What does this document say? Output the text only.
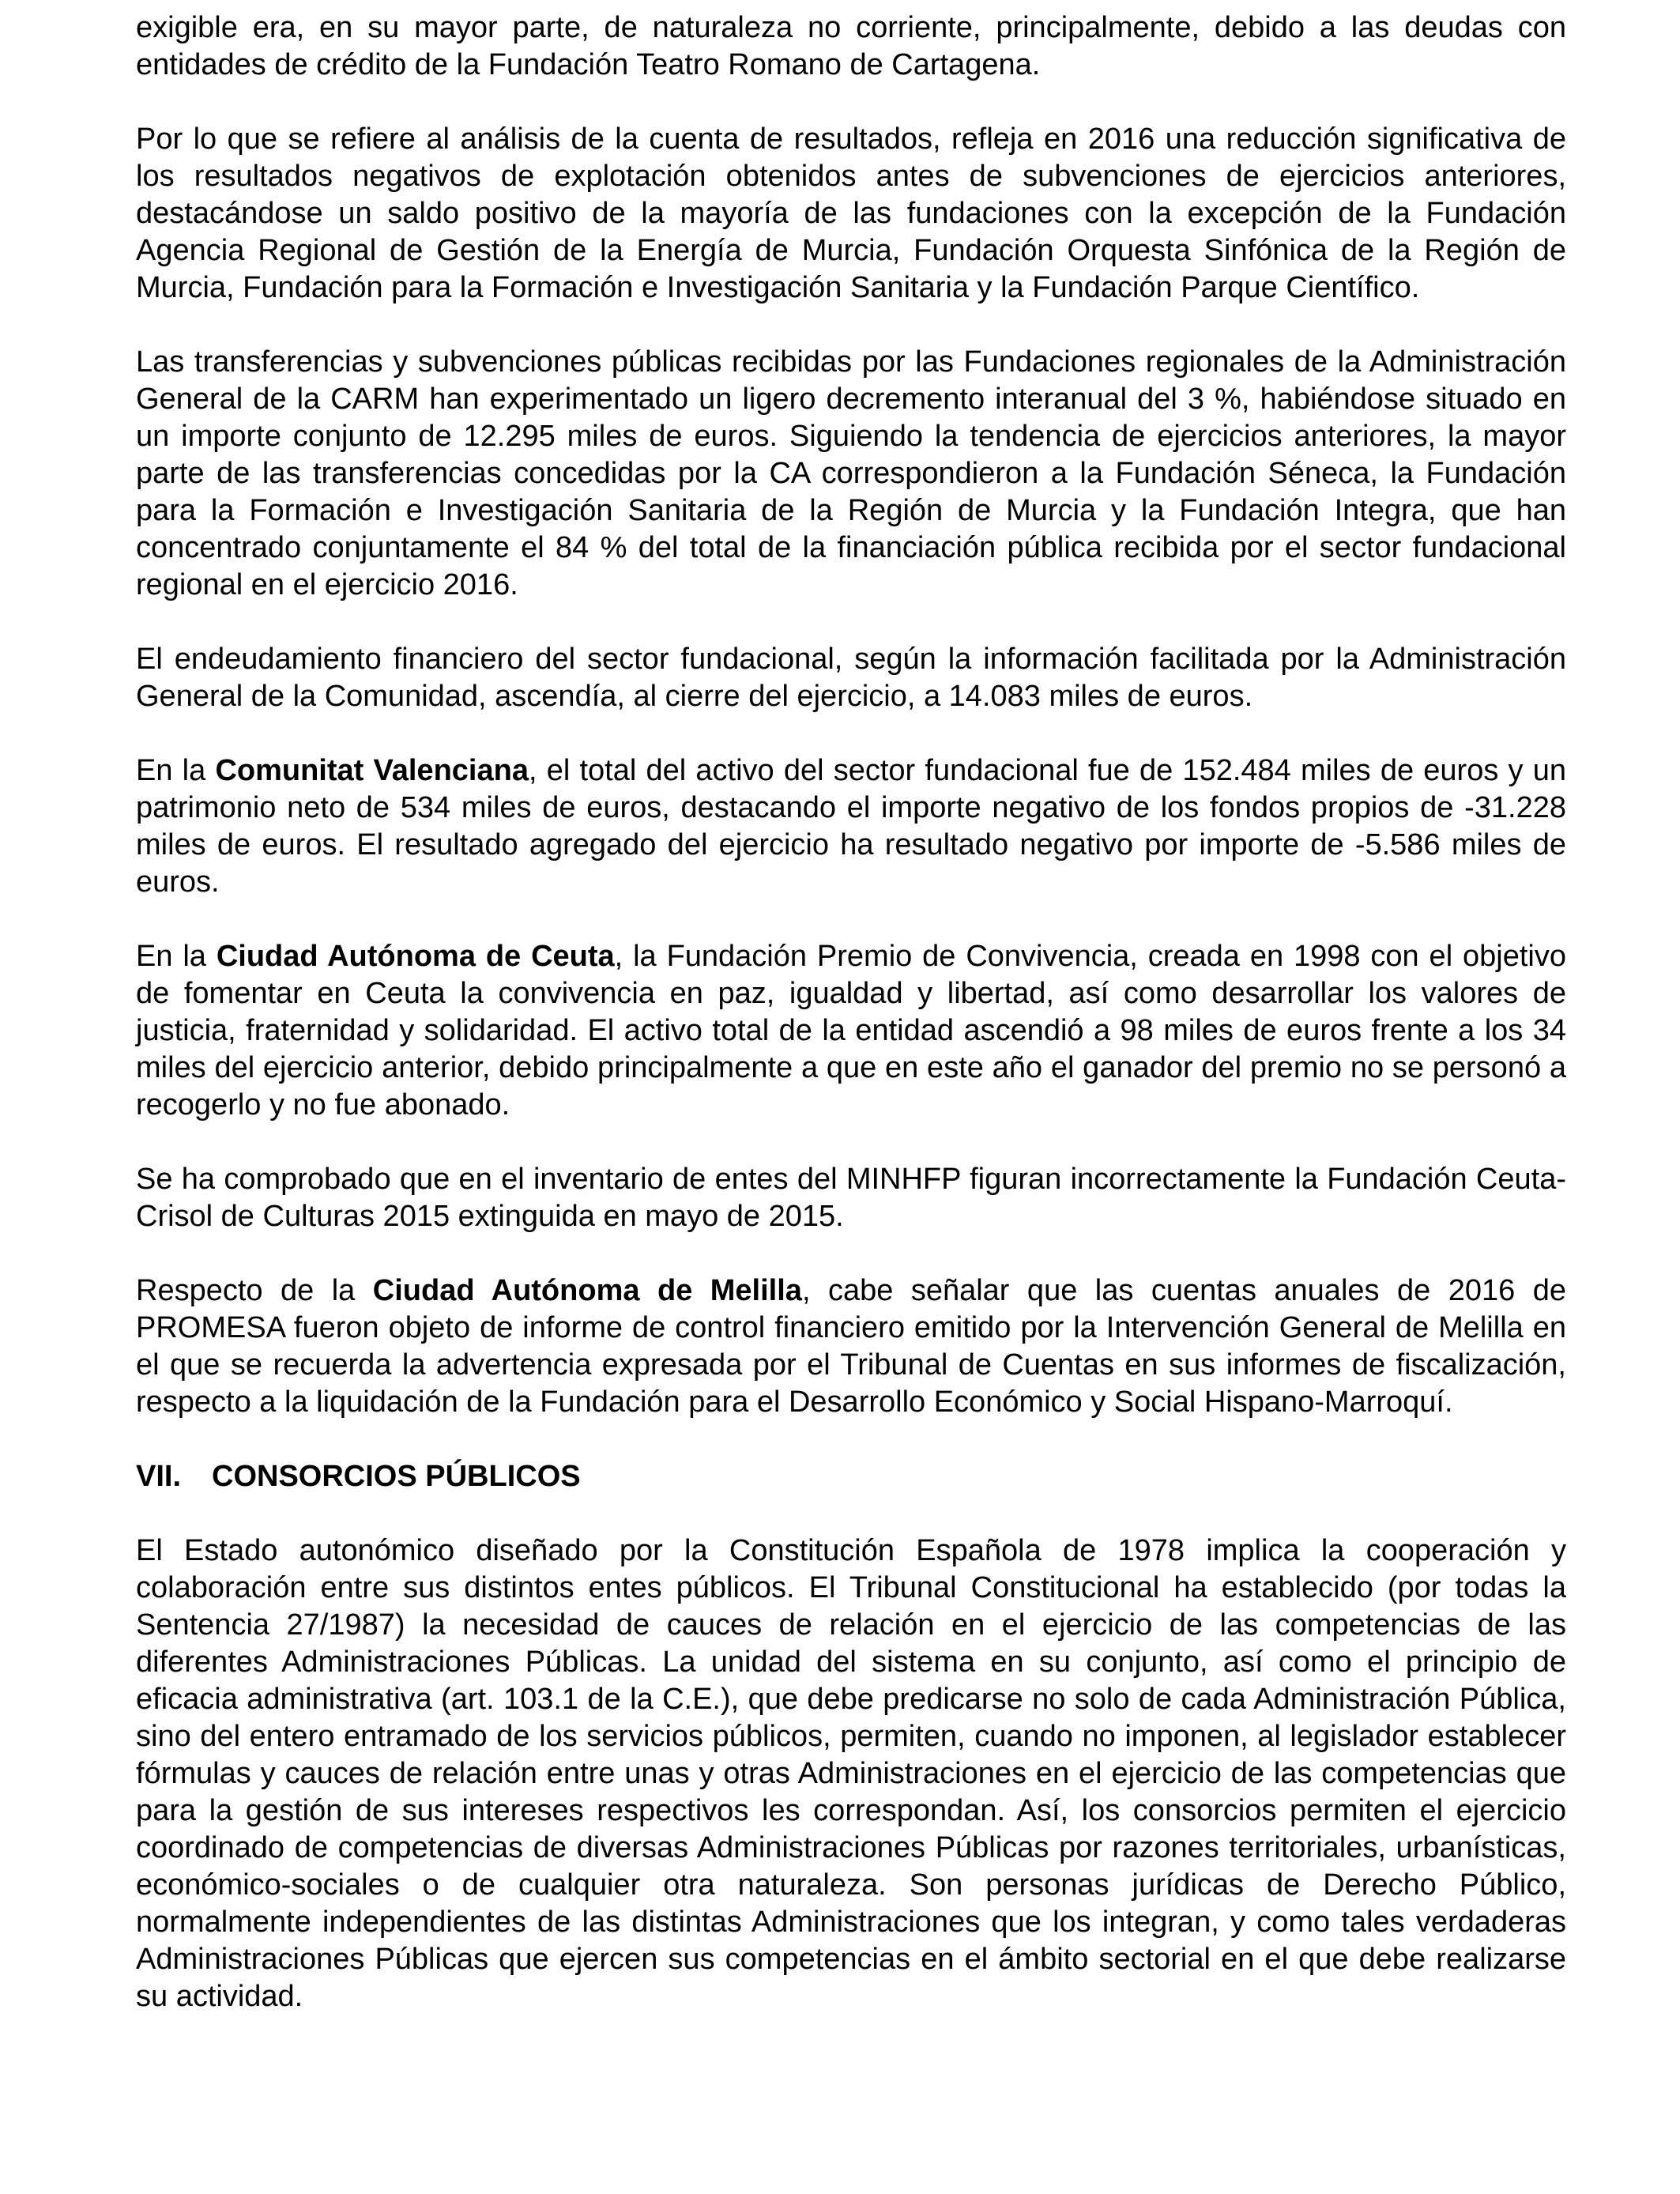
exigible era, en su mayor parte, de naturaleza no corriente, principalmente, debido a las deudas con entidades de crédito de la Fundación Teatro Romano de Cartagena.

Por lo que se refiere al análisis de la cuenta de resultados, refleja en 2016 una reducción significativa de los resultados negativos de explotación obtenidos antes de subvenciones de ejercicios anteriores, destacándose un saldo positivo de la mayoría de las fundaciones con la excepción de la Fundación Agencia Regional de Gestión de la Energía de Murcia, Fundación Orquesta Sinfónica de la Región de Murcia, Fundación para la Formación e Investigación Sanitaria y la Fundación Parque Científico.

Las transferencias y subvenciones públicas recibidas por las Fundaciones regionales de la Administración General de la CARM han experimentado un ligero decremento interanual del 3 %, habiéndose situado en un importe conjunto de 12.295 miles de euros. Siguiendo la tendencia de ejercicios anteriores, la mayor parte de las transferencias concedidas por la CA correspondieron a la Fundación Séneca, la Fundación para la Formación e Investigación Sanitaria de la Región de Murcia y la Fundación Integra, que han concentrado conjuntamente el 84 % del total de la financiación pública recibida por el sector fundacional regional en el ejercicio 2016.

El endeudamiento financiero del sector fundacional, según la información facilitada por la Administración General de la Comunidad, ascendía, al cierre del ejercicio, a 14.083 miles de euros.

En la Comunitat Valenciana, el total del activo del sector fundacional fue de 152.484 miles de euros y un patrimonio neto de 534 miles de euros, destacando el importe negativo de los fondos propios de -31.228 miles de euros. El resultado agregado del ejercicio ha resultado negativo por importe de -5.586 miles de euros.

En la Ciudad Autónoma de Ceuta, la Fundación Premio de Convivencia, creada en 1998 con el objetivo de fomentar en Ceuta la convivencia en paz, igualdad y libertad, así como desarrollar los valores de justicia, fraternidad y solidaridad. El activo total de la entidad ascendió a 98 miles de euros frente a los 34 miles del ejercicio anterior, debido principalmente a que en este año el ganador del premio no se personó a recogerlo y no fue abonado.

Se ha comprobado que en el inventario de entes del MINHFP figuran incorrectamente la Fundación Ceuta-Crisol de Culturas 2015 extinguida en mayo de 2015.

Respecto de la Ciudad Autónoma de Melilla, cabe señalar que las cuentas anuales de 2016 de PROMESA fueron objeto de informe de control financiero emitido por la Intervención General de Melilla en el que se recuerda la advertencia expresada por el Tribunal de Cuentas en sus informes de fiscalización, respecto a la liquidación de la Fundación para el Desarrollo Económico y Social Hispano-Marroquí.

VII.	CONSORCIOS PÚBLICOS

El Estado autonómico diseñado por la Constitución Española de 1978 implica la cooperación y colaboración entre sus distintos entes públicos. El Tribunal Constitucional ha establecido (por todas la Sentencia 27/1987) la necesidad de cauces de relación en el ejercicio de las competencias de las diferentes Administraciones Públicas. La unidad del sistema en su conjunto, así como el principio de eficacia administrativa (art. 103.1 de la C.E.), que debe predicarse no solo de cada Administración Pública, sino del entero entramado de los servicios públicos, permiten, cuando no imponen, al legislador establecer fórmulas y cauces de relación entre unas y otras Administraciones en el ejercicio de las competencias que para la gestión de sus intereses respectivos les correspondan. Así, los consorcios permiten el ejercicio coordinado de competencias de diversas Administraciones Públicas por razones territoriales, urbanísticas, económico-sociales o de cualquier otra naturaleza. Son personas jurídicas de Derecho Público, normalmente independientes de las distintas Administraciones que los integran, y como tales verdaderas Administraciones Públicas que ejercen sus competencias en el ámbito sectorial en el que debe realizarse su actividad.
